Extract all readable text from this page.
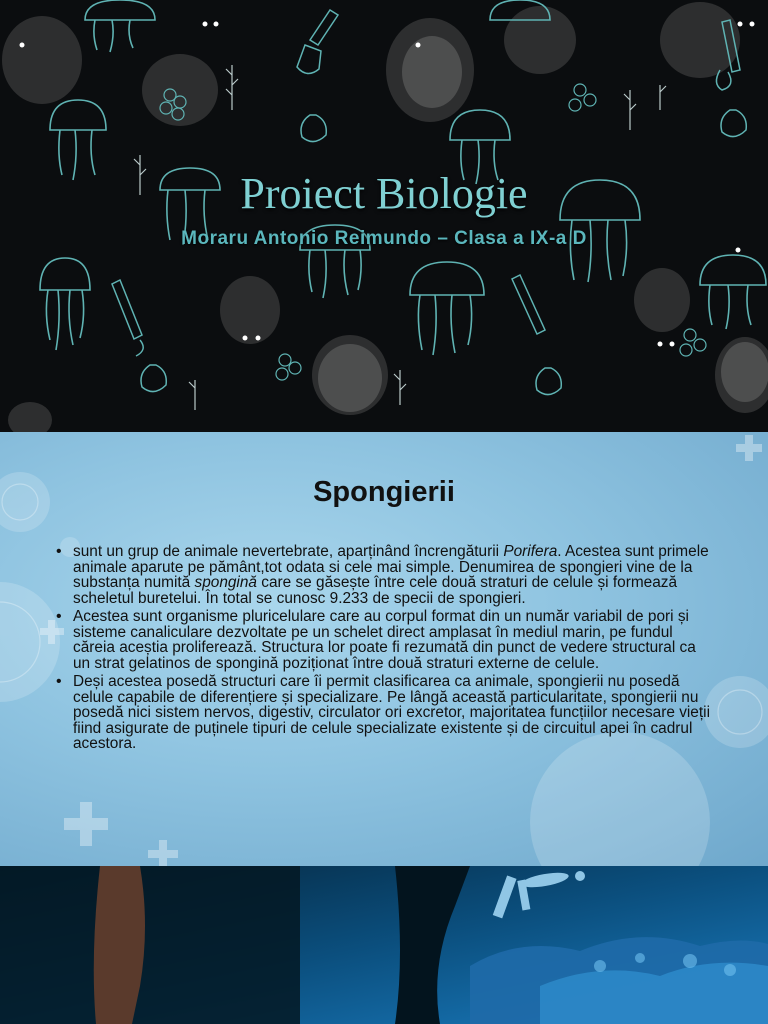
Proiect Biologie
Moraru Antonio Reimundo – Clasa a IX-a D
Spongierii
• sunt un grup de animale nevertebrate, aparținând încrengăturii Porifera. Acestea sunt primele animale aparute pe pământ,tot odata si cele mai simple. Denumirea de spongieri vine de la substanța numită spongină care se găsește între cele două straturi de celule și formează scheletul buretelui. În total se cunosc 9.233 de specii de spongieri.
• Acestea sunt organisme pluricelulare care au corpul format din un număr variabil de pori și sisteme canaliculare dezvoltate pe un schelet direct amplasat în mediul marin, pe fundul căreia aceștia proliferează. Structura lor poate fi rezumată din punct de vedere structural ca un strat gelatinos de spongină poziționat între două straturi externe de celule.
• Deși acestea posedă structuri care îi permit clasificarea ca animale, spongierii nu posedă celule capabile de diferențiere și specializare. Pe lângă această particularitate, spongierii nu posedă nici sistem nervos, digestiv, circulator ori excretor, majoritatea funcțiilor necesare vieții fiind asigurate de puținele tipuri de celule specializate existente și de circuitul apei în cadrul acestora.
